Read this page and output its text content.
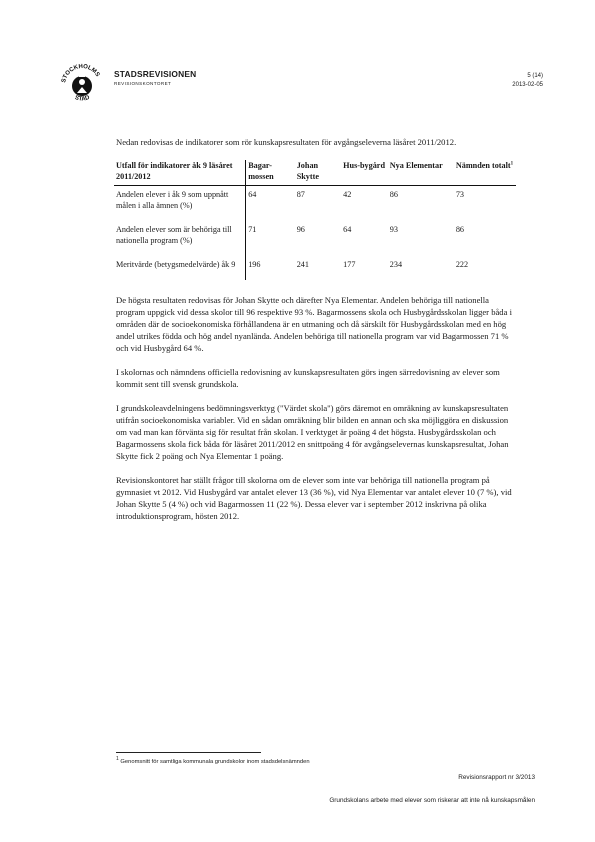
STOCKHOLMS
STAD
STADSREVISIONEN
REVISIONSKONTORET
5 (14)
2013-02-05

Nedan redovisas de indikatorer som rör kunskapsresultaten för avgångseleverna läsåret 2011/2012.

Utfall för indikatorer åk 9 läsåret 2011/2012	Bagar-mossen	Johan Skytte	Hus-bygård	Nya Elementar	Nämnden totalt$^1$
Andelen elever i åk 9 som uppnått målen i alla ämnen (%)	64	87	42	86	73
Andelen elever som är behöriga till nationella program (%)	71	96	64	93	86
Meritvärde (betygsmedelvärde) åk 9	196	241	177	234	222

De högsta resultaten redovisas för Johan Skytte och därefter Nya Elementar. Andelen behöriga till nationella program uppgick vid dessa skolor till 96 respektive 93 %. Bagarmossens skola och Husbygårdsskolan ligger båda i områden där de socioekonomiska förhållandena är en utmaning och då särskilt för Husbygårdsskolan med en hög andel utrikes födda och hög andel nyanlända. Andelen behöriga till nationella program var vid Bagarmossen 71 % och vid Husbygård 64 %.

I skolornas och nämndens officiella redovisning av kunskapsresultaten görs ingen särredovisning av elever som kommit sent till svensk grundskola.

I grundskoleavdelningens bedömningsverktyg ("Värdet skola") görs däremot en omräkning av kunskapsresultaten utifrån socioekonomiska variabler. Vid en sådan omräkning blir bilden en annan och ska möjliggöra en diskussion om vad man kan förvänta sig för resultat från skolan. I verktyget är poäng 4 det högsta. Husbygårdsskolan och Bagarmossens skola fick båda för läsåret 2011/2012 en snittpoäng 4 för avgångselevernas kunskapsresultat, Johan Skytte fick 2 poäng och Nya Elementar 1 poäng.

Revisionskontoret har ställt frågor till skolorna om de elever som inte var behöriga till nationella program på gymnasiet vt 2012. Vid Husbygård var antalet elever 13 (36 %), vid Nya Elementar var antalet elever 10 (7 %), vid Johan Skytte 5 (4 %) och vid Bagarmossen 11 (22 %). Dessa elever var i september 2012 inskrivna på olika introduktionsprogram, hösten 2012.

$^1$ Genomsnitt för samtliga kommunala grundskolor inom stadsdelsnämnden
Revisionsrapport nr 3/2013
Grundskolans arbete med elever som riskerar att inte nå kunskapsmålen
